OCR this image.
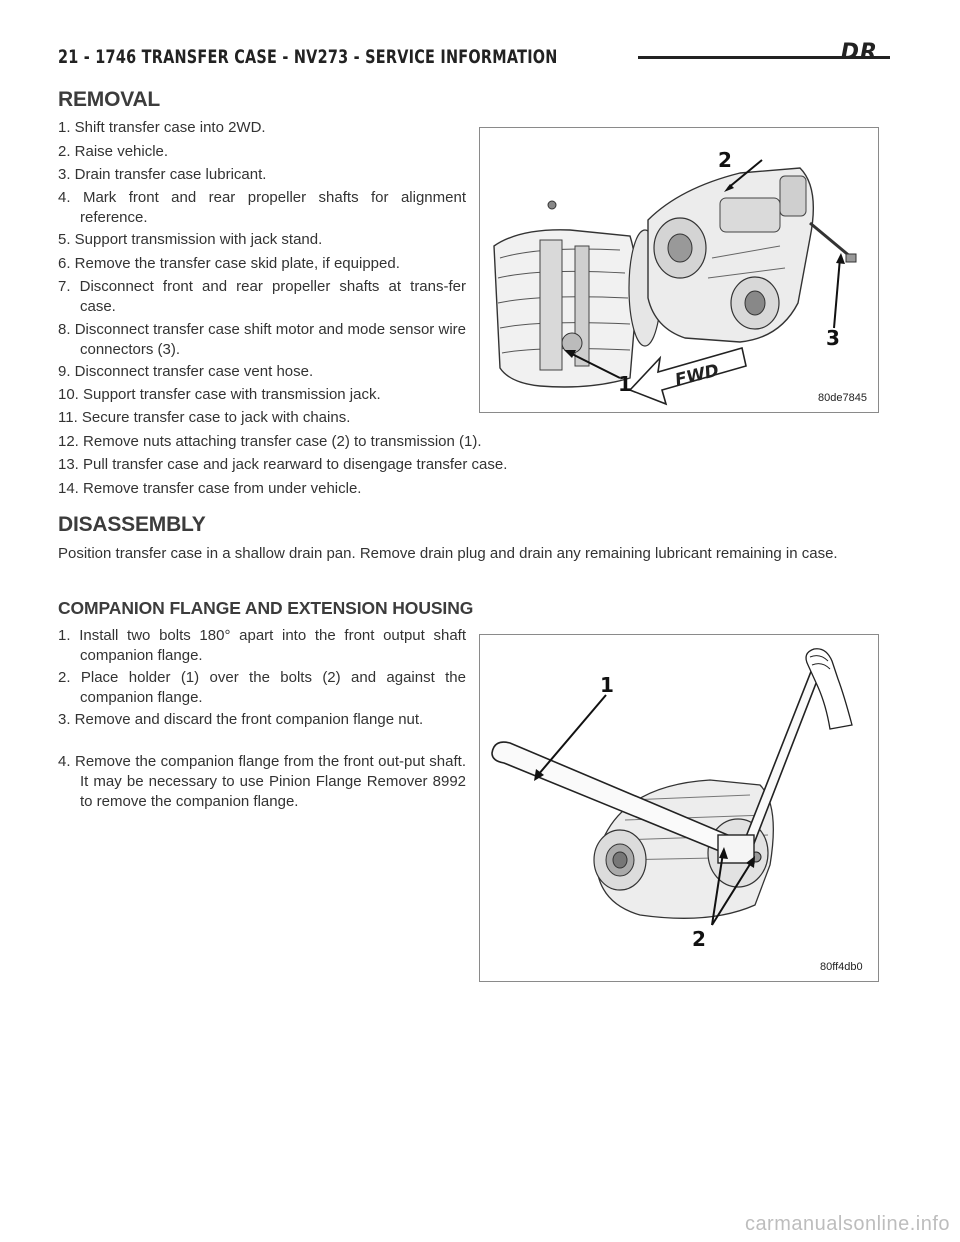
21 - 1746 TRANSFER CASE - NV273 - SERVICE INFORMATION	DR
REMOVAL
1. Shift transfer case into 2WD.
2. Raise vehicle.
3. Drain transfer case lubricant.
4. Mark front and rear propeller shafts for alignment reference.
5. Support transmission with jack stand.
6. Remove the transfer case skid plate, if equipped.
7. Disconnect front and rear propeller shafts at trans-fer case.
8. Disconnect transfer case shift motor and mode sensor wire connectors (3).
9. Disconnect transfer case vent hose.
10. Support transfer case with transmission jack.
11. Secure transfer case to jack with chains.
12. Remove nuts attaching transfer case (2) to transmission (1).
13. Pull transfer case and jack rearward to disengage transfer case.
14. Remove transfer case from under vehicle.
FWD
2
3
1
80de7845
DISASSEMBLY
Position transfer case in a shallow drain pan. Remove drain plug and drain any remaining lubricant remaining in case.
COMPANION FLANGE AND EXTENSION HOUSING
1. Install two bolts 180° apart into the front output shaft companion flange.
2. Place holder (1) over the bolts (2) and against the companion flange.
3. Remove and discard the front companion flange nut.
4. Remove the companion flange from the front out-put shaft. It may be necessary to use Pinion Flange Remover 8992 to remove the companion flange.
1
2
80ff4db0
carmanualsonline.info
